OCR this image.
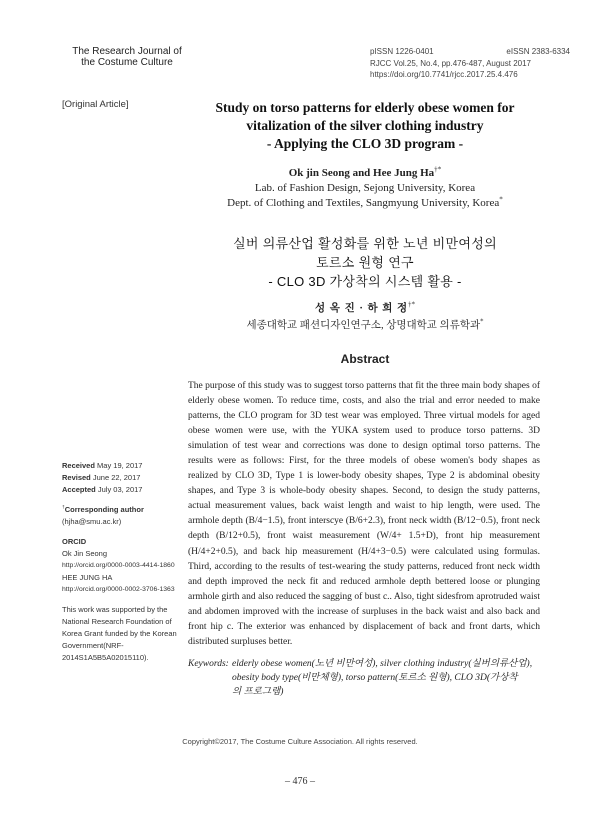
The Research Journal of
the Costume Culture
pISSN 1226-0401	eISSN 2383-6334
RJCC Vol.25, No.4, pp.476-487, August 2017
https://doi.org/10.7741/rjcc.2017.25.4.476
[Original Article]	Study on torso patterns for elderly obese women for
vitalization of the silver clothing industry
- Applying the CLO 3D program -
Ok jin Seong and Hee Jung Ha†*
Lab. of Fashion Design, Sejong University, Korea
Dept. of Clothing and Textiles, Sangmyung University, Korea*
실버 의류산업 활성화를 위한 노년 비만여성의
토르소 원형 연구
- CLO 3D 가상착의 시스템 활용 -
성 옥 진 · 하 희 정†*
세종대학교 패션디자인연구소, 상명대학교 의류학과*
Abstract
The purpose of this study was to suggest torso patterns that fit the three main body shapes of elderly obese women. To reduce time, costs, and also the trial and error needed to make patterns, the CLO program for 3D test wear was employed. Three virtual models for aged obese women were use, with the YUKA system used to produce torso patterns. 3D simulation of test wear and corrections was done to design optimal torso patterns. The results were as follows: First, for the three models of obese women's body shapes as realized by CLO 3D, Type 1 is lower-body obesity shapes, Type 2 is abdominal obesity shapes, and Type 3 is whole-body obesity shapes. Second, to design the study patterns, actual measurement values, back waist length and waist to hip length, were used. The armhole depth (B/4−1.5), front interscye (B/6+2.3), front neck width (B/12−0.5), front neck depth (B/12+0.5), front waist measurement (W/4+ 1.5+D), front hip measurement (H/4+2+0.5), and back hip measurement (H/4+3−0.5) were calculated using formulas. Third, according to the results of test-wearing the study patterns, reduced front neck width and depth improved the neck fit and reduced armhole depth bettered loose or plunging armhole girth and also reduced the sagging of bust c.. Also, tight sidesfrom aprotruded waist and abdomen improved with the increase of surpluses in the back waist and also back and front hip c. The exterior was enhanced by displacement of back and front darts, which distributed surpluses better.
Received May 19, 2017
Revised June 22, 2017
Accepted July 03, 2017
†Corresponding author
(hjha@smu.ac.kr)
ORCID
Ok Jin Seong
http://orcid.org/0000-0003-4414-1860
HEE JUNG HA
http://orcid.org/0000-0002-3706-1363
This work was supported by the National Research Foundation of Korea Grant funded by the Korean Government(NRF-2014S1A5B5A02015110).
Keywords: elderly obese women(노년 비만여성), silver clothing industry(실버의류산업),
obesity body type(비만체형), torso pattern(토르소 원형), CLO 3D(가상착
의 프로그램)
Copyright©2017, The Costume Culture Association. All rights reserved.
– 476 –
